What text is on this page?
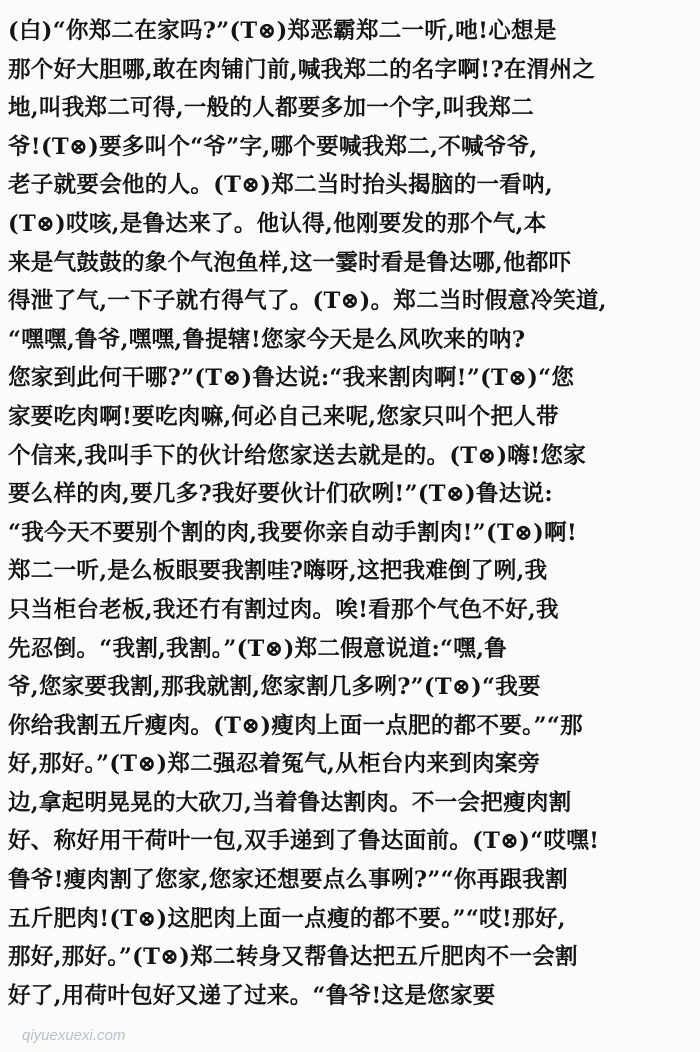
(白)“你郑二在家吗?”(T⊗)郑恶霸郑二一听,吔!心想是
那个好大胆哪,敢在肉铺门前,喊我郑二的名字啊!?在渭州之
地,叫我郑二可得,一般的人都要多加一个字,叫我郑二
爷!(T⊗)要多叫个“爷”字,哪个要喊我郑二,不喊爷爷,
老子就要会他的人。(T⊗)郑二当时抬头揭脑的一看呐,
(T⊗)哎咳,是鲁达来了。他认得,他刚要发的那个气,本
来是气鼓鼓的象个气泡鱼样,这一霎时看是鲁达哪,他都吓
得泄了气,一下子就冇得气了。(T⊗)。郑二当时假意冷笑道,
“嘿嘿,鲁爷,嘿嘿,鲁提辖!您家今天是么风吹来的呐?
您家到此何干哪?”(T⊗)鲁达说:“我来割肉啊!”(T⊗)“您
家要吃肉啊!要吃肉嘛,何必自己来呢,您家只叫个把人带
个信来,我叫手下的伙计给您家送去就是的。(T⊗)嗨!您家
要么样的肉,要几多?我好要伙计们砍咧!”(T⊗)鲁达说:
“我今天不要别个割的肉,我要你亲自动手割肉!”(T⊗)啊!
郑二一听,是么板眼要我割哇?嗨呀,这把我难倒了咧,我
只当柜台老板,我还冇有割过肉。唉!看那个气色不好,我
先忍倒。“我割,我割。”(T⊗)郑二假意说道:“嘿,鲁
爷,您家要我割,那我就割,您家割几多咧?”(T⊗)“我要
你给我割五斤瘦肉。(T⊗)瘦肉上面一点肥的都不要。”“那
好,那好。”(T⊗)郑二强忍着冤气,从柜台内来到肉案旁
边,拿起明晃晃的大砍刀,当着鲁达割肉。不一会把瘦肉割
好、称好用干荷叶一包,双手递到了鲁达面前。(T⊗)“哎嘿!
鲁爷!瘦肉割了您家,您家还想要点么事咧?”“你再跟我割
五斤肥肉!(T⊗)这肥肉上面一点瘦的都不要。”“哎!那好,
那好,那好。”(T⊗)郑二转身又帮鲁达把五斤肥肉不一会割
好了,用荷叶包好又递了过来。“鲁爷!这是您家要
qiyuexuexi.com
